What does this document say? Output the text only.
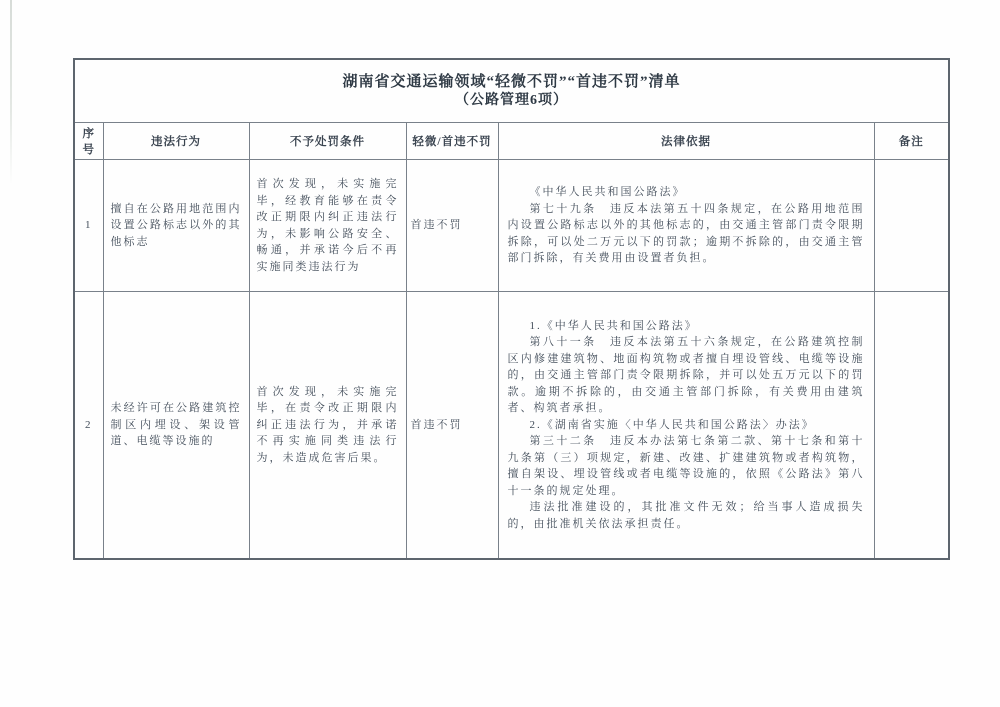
湖南省交通运输领域“轻微不罚”“首违不罚”清单
（公路管理6项）					

序号	违法行为	不予处罚条件	轻微/首违不罚	法律依据	备注
1	擅自在公路用地范围内设置公路标志以外的其他标志	首次发现，未实施完毕，经教育能够在责令改正期限内纠正违法行为，未影响公路安全、畅通，并承诺今后不再实施同类违法行为	首违不罚	《中华人民共和国公路法》

第七十九条　违反本法第五十四条规定，在公路用地范围内设置公路标志以外的其他标志的，由交通主管部门责令限期拆除，可以处二万元以下的罚款；逾期不拆除的，由交通主管部门拆除，有关费用由设置者负担。	

2	未经许可在公路建筑控制区内埋设、架设管道、电缆等设施的	首次发现，未实施完毕，在责令改正期限内纠正违法行为，并承诺不再实施同类违法行为，未造成危害后果。	首违不罚	1.《中华人民共和国公路法》

第八十一条　违反本法第五十六条规定，在公路建筑控制区内修建建筑物、地面构筑物或者擅自埋设管线、电缆等设施的，由交通主管部门责令限期拆除，并可以处五万元以下的罚款。逾期不拆除的，由交通主管部门拆除，有关费用由建筑者、构筑者承担。

2.《湖南省实施〈中华人民共和国公路法〉办法》

第三十二条　违反本办法第七条第二款、第十七条和第十九条第（三）项规定，新建、改建、扩建建筑物或者构筑物，擅自架设、埋设管线或者电缆等设施的，依照《公路法》第八十一条的规定处理。

违法批准建设的，其批准文件无效；给当事人造成损失的，由批准机关依法承担责任。	
